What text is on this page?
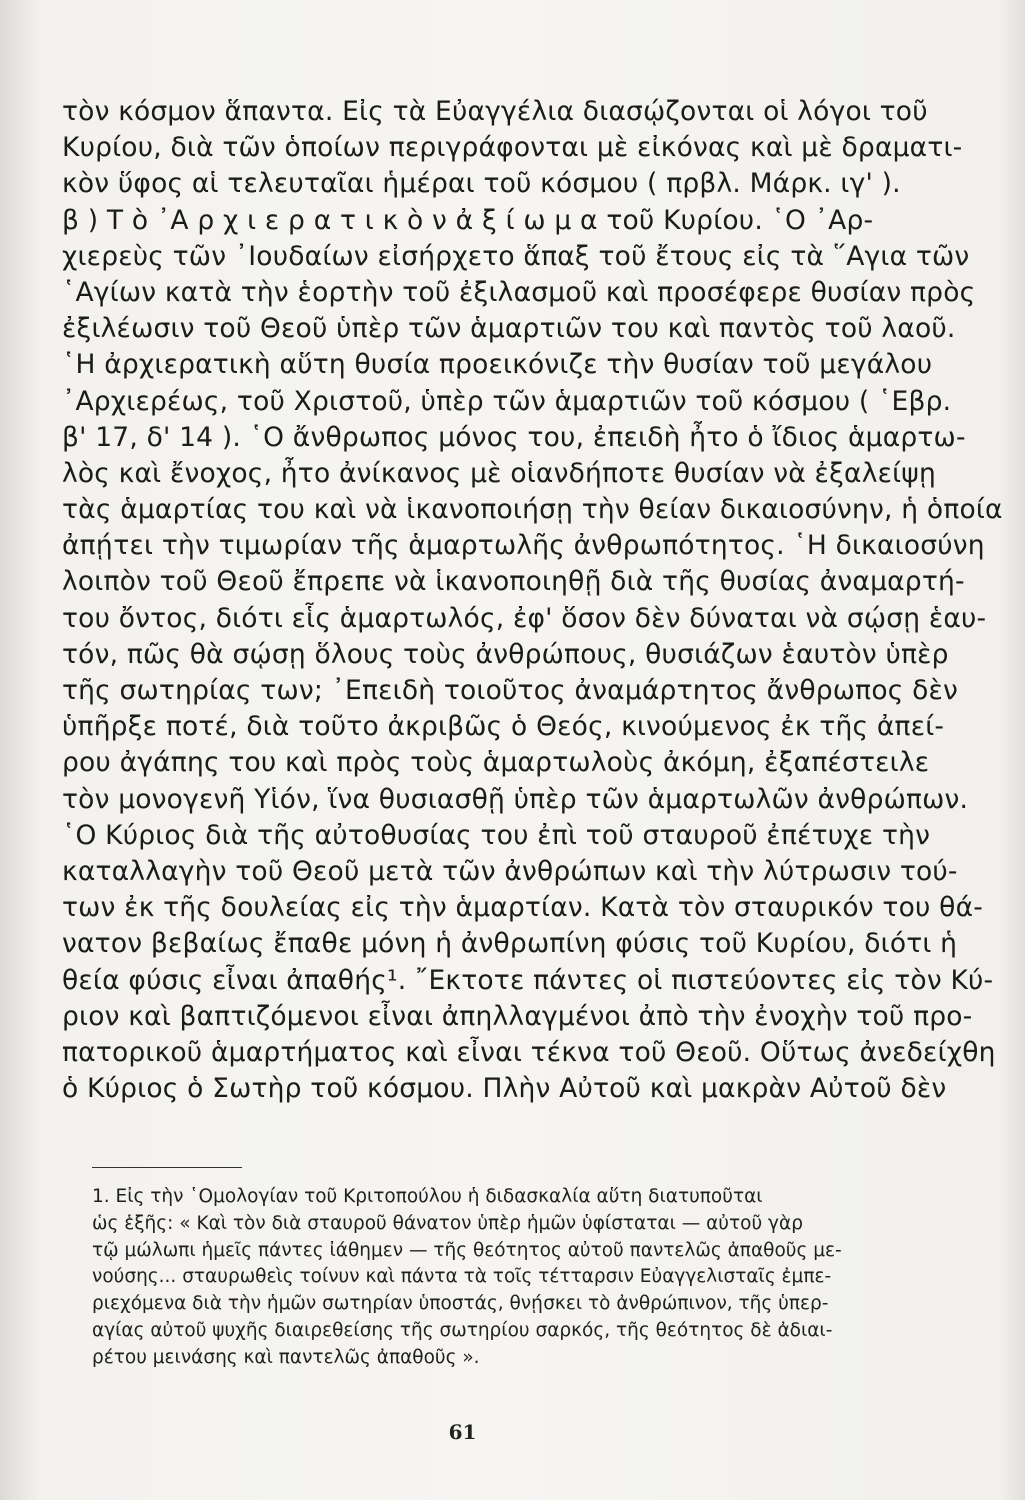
τὸν κόσμον ἅπαντα. Εἰς τὰ Εὐαγγέλια διασῴζονται οἱ λόγοι τοῦ
Κυρίου, διὰ τῶν ὁποίων περιγράφονται μὲ εἰκόνας καὶ μὲ δραματι-
κὸν ὕφος αἱ τελευταῖαι ἡμέραι τοῦ κόσμου ( πρβλ. Μάρκ. ιγ' ).
β ) Τ ὸ ᾿Α ρ χ ι ε ρ α τ ι κ ὸ ν ἀ ξ ί ω μ α τοῦ Κυρίου. ῾Ο ᾿Αρ-
χιερεὺς τῶν ᾿Ιουδαίων εἰσήρχετο ἅπαξ τοῦ ἔτους εἰς τὰ ῞Αγια τῶν
῾Αγίων κατὰ τὴν ἑορτὴν τοῦ ἐξιλασμοῦ καὶ προσέφερε θυσίαν πρὸς
ἐξιλέωσιν τοῦ Θεοῦ ὑπὲρ τῶν ἁμαρτιῶν του καὶ παντὸς τοῦ λαοῦ.
῾Η ἀρχιερατικὴ αὕτη θυσία προεικόνιζε τὴν θυσίαν τοῦ μεγάλου
᾿Αρχιερέως, τοῦ Χριστοῦ, ὑπὲρ τῶν ἁμαρτιῶν τοῦ κόσμου ( ῾Εβρ.
β' 17, δ' 14 ). ῾Ο ἄνθρωπος μόνος του, ἐπειδὴ ἦτο ὁ ἴδιος ἁμαρτω-
λὸς καὶ ἔνοχος, ἦτο ἀνίκανος μὲ οἱανδήποτε θυσίαν νὰ ἐξαλείψῃ
τὰς ἁμαρτίας του καὶ νὰ ἱκανοποιήσῃ τὴν θείαν δικαιοσύνην, ἡ ὁποία
ἀπῄτει τὴν τιμωρίαν τῆς ἁμαρτωλῆς ἀνθρωπότητος. ῾Η δικαιοσύνη
λοιπὸν τοῦ Θεοῦ ἔπρεπε νὰ ἱκανοποιηθῇ διὰ τῆς θυσίας ἀναμαρτή-
του ὄντος, διότι εἷς ἁμαρτωλός, ἐφ' ὅσον δὲν δύναται νὰ σῴσῃ ἑαυ-
τόν, πῶς θὰ σῴσῃ ὅλους τοὺς ἀνθρώπους, θυσιάζων ἑαυτὸν ὑπὲρ
τῆς σωτηρίας των; ᾿Επειδὴ τοιοῦτος ἀναμάρτητος ἄνθρωπος δὲν
ὑπῆρξε ποτέ, διὰ τοῦτο ἀκριβῶς ὁ Θεός, κινούμενος ἐκ τῆς ἀπεί-
ρου ἀγάπης του καὶ πρὸς τοὺς ἁμαρτωλοὺς ἀκόμη, ἐξαπέστειλε
τὸν μονογενῆ Υἱόν, ἵνα θυσιασθῇ ὑπὲρ τῶν ἁμαρτωλῶν ἀνθρώπων.
῾Ο Κύριος διὰ τῆς αὐτοθυσίας του ἐπὶ τοῦ σταυροῦ ἐπέτυχε τὴν
καταλλαγὴν τοῦ Θεοῦ μετὰ τῶν ἀνθρώπων καὶ τὴν λύτρωσιν τού-
των ἐκ τῆς δουλείας εἰς τὴν ἁμαρτίαν. Κατὰ τὸν σταυρικόν του θά-
νατον βεβαίως ἔπαθε μόνη ἡ ἀνθρωπίνη φύσις τοῦ Κυρίου, διότι ἡ
θεία φύσις εἶναι ἀπαθής¹. ῎Εκτοτε πάντες οἱ πιστεύοντες εἰς τὸν Κύ-
ριον καὶ βαπτιζόμενοι εἶναι ἀπηλλαγμένοι ἀπὸ τὴν ἐνοχὴν τοῦ προ-
πατορικοῦ ἁμαρτήματος καὶ εἶναι τέκνα τοῦ Θεοῦ. Οὕτως ἀνεδείχθη
ὁ Κύριος ὁ Σωτὴρ τοῦ κόσμου. Πλὴν Αὐτοῦ καὶ μακρὰν Αὐτοῦ δὲν
1. Εἰς τὴν ῾Ομολογίαν τοῦ Κριτοπούλου ἡ διδασκαλία αὕτη διατυποῦται
ὡς ἑξῆς: « Καὶ τὸν διὰ σταυροῦ θάνατον ὑπὲρ ἡμῶν ὑφίσταται — αὐτοῦ γὰρ
τῷ μώλωπι ἡμεῖς πάντες ἰάθημεν — τῆς θεότητος αὐτοῦ παντελῶς ἀπαθοῦς με-
νούσης... σταυρωθεὶς τοίνυν καὶ πάντα τὰ τοῖς τέτταρσιν Εὐαγγελισταῖς ἐμπε-
ριεχόμενα διὰ τὴν ἡμῶν σωτηρίαν ὑποστάς, θνῄσκει τὸ ἀνθρώπινον, τῆς ὑπερ-
αγίας αὐτοῦ ψυχῆς διαιρεθείσης τῆς σωτηρίου σαρκός, τῆς θεότητος δὲ ἀδιαι-
ρέτου μεινάσης καὶ παντελῶς ἀπαθοῦς ».
61
